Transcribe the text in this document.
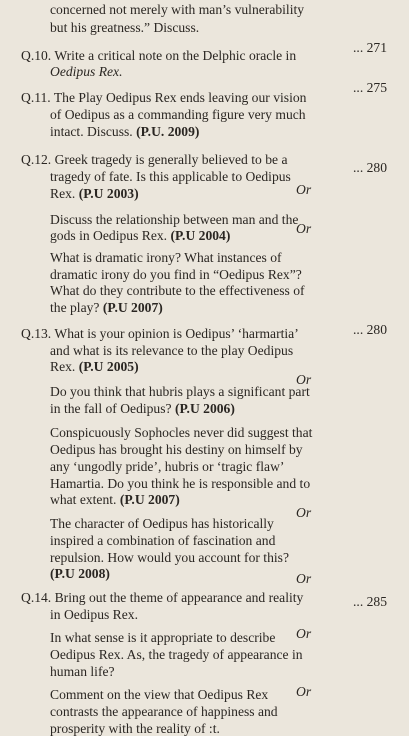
concerned not merely with man’s vulnerability
but his greatness.” Discuss.
Q.10. Write a critical note on the Delphic oracle in
Oedipus Rex.
Q.11. The Play Oedipus Rex ends leaving our vision
of Oedipus as a commanding figure very much
intact. Discuss. (P.U. 2009)
Q.12. Greek tragedy is generally believed to be a
tragedy of fate. Is this applicable to Oedipus
Rex. (P.U 2003)
Discuss the relationship between man and the
gods in Oedipus Rex. (P.U 2004)
What is dramatic irony? What instances of
dramatic irony do you find in “Oedipus Rex”?
What do they contribute to the effectiveness of
the play? (P.U 2007)
Q.13. What is your opinion is Oedipus’ ‘harmartia’
and what is its relevance to the play Oedipus
Rex. (P.U 2005)
Do you think that hubris plays a significant part
in the fall of Oedipus? (P.U 2006)
Conspicuously Sophocles never did suggest that
Oedipus has brought his destiny on himself by
any ‘ungodly pride’, hubris or ‘tragic flaw’
Hamartia. Do you think he is responsible and to
what extent. (P.U 2007)
The character of Oedipus has historically
inspired a combination of fascination and
repulsion. How would you account for this?
(P.U 2008)
Q.14. Bring out the theme of appearance and reality
in Oedipus Rex.
In what sense is it appropriate to describe
Oedipus Rex. As, the tragedy of appearance in
human life?
Comment on the view that Oedipus Rex
contrasts the appearance of happiness and
prosperity with the reality of :t.
Or
Or
Or
Or
Or
Or
Or
... 271
... 275
... 280
... 280
... 285
